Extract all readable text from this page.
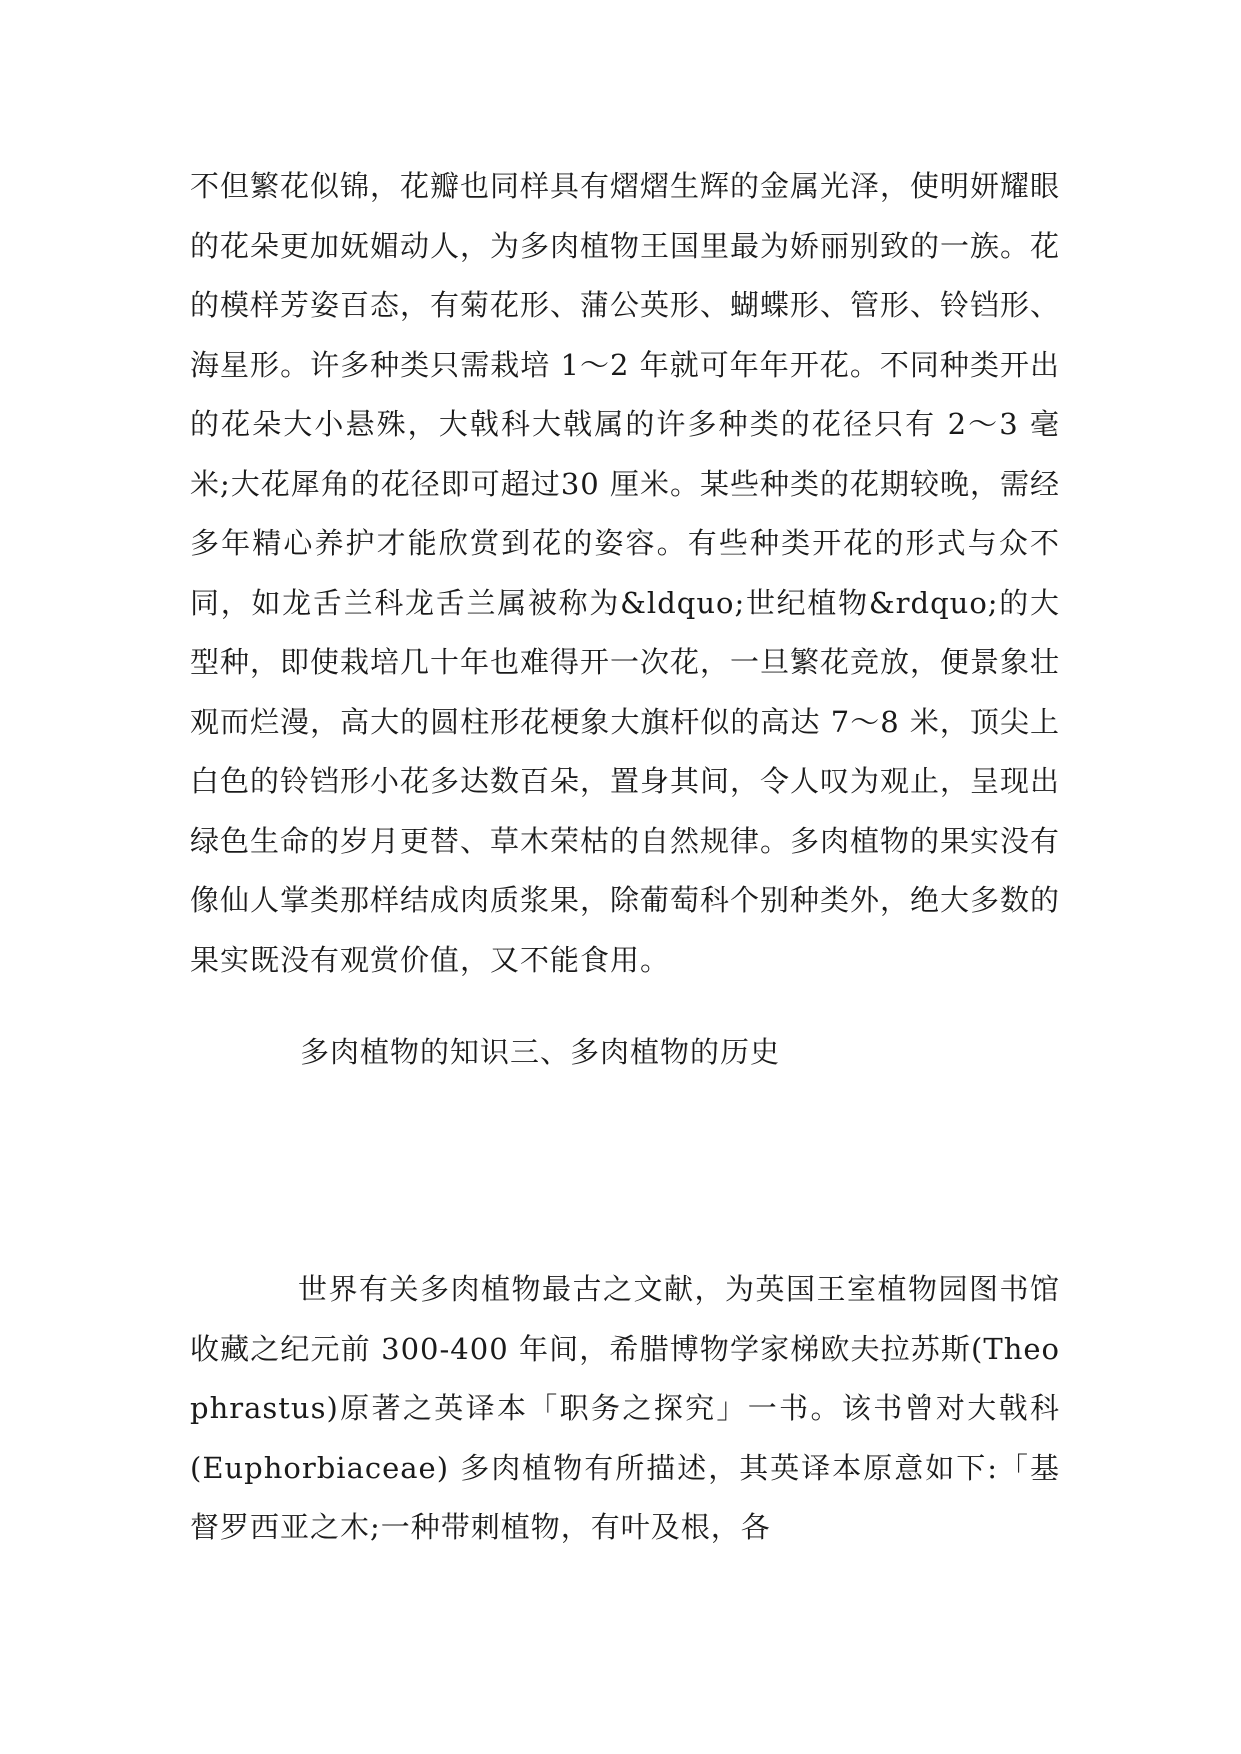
不但繁花似锦，花瓣也同样具有熠熠生辉的金属光泽，使明妍耀眼的花朵更加妩媚动人，为多肉植物王国里最为娇丽别致的一族。花的模样芳姿百态，有菊花形、蒲公英形、蝴蝶形、管形、铃铛形、海星形。许多种类只需栽培 1～2 年就可年年开花。不同种类开出的花朵大小悬殊，大戟科大戟属的许多种类的花径只有 2～3 毫米;大花犀角的花径即可超过30 厘米。某些种类的花期较晚，需经多年精心养护才能欣赏到花的姿容。有些种类开花的形式与众不同，如龙舌兰科龙舌兰属被称为&ldquo;世纪植物&rdquo;的大型种，即使栽培几十年也难得开一次花，一旦繁花竞放，便景象壮观而烂漫，高大的圆柱形花梗象大旗杆似的高达 7～8 米，顶尖上白色的铃铛形小花多达数百朵，置身其间，令人叹为观止，呈现出绿色生命的岁月更替、草木荣枯的自然规律。多肉植物的果实没有像仙人掌类那样结成肉质浆果，除葡萄科个别种类外，绝大多数的果实既没有观赏价值，又不能食用。

多肉植物的知识三、多肉植物的历史

世界有关多肉植物最古之文献，为英国王室植物园图书馆收藏之纪元前 300-400 年间，希腊博物学家梯欧夫拉苏斯(Theophrastus)原著之英译本「职务之探究」一书。该书曾对大戟科(Euphorbiaceae) 多肉植物有所描述，其英译本原意如下:「基督罗西亚之木;一种带刺植物，有叶及根，各
